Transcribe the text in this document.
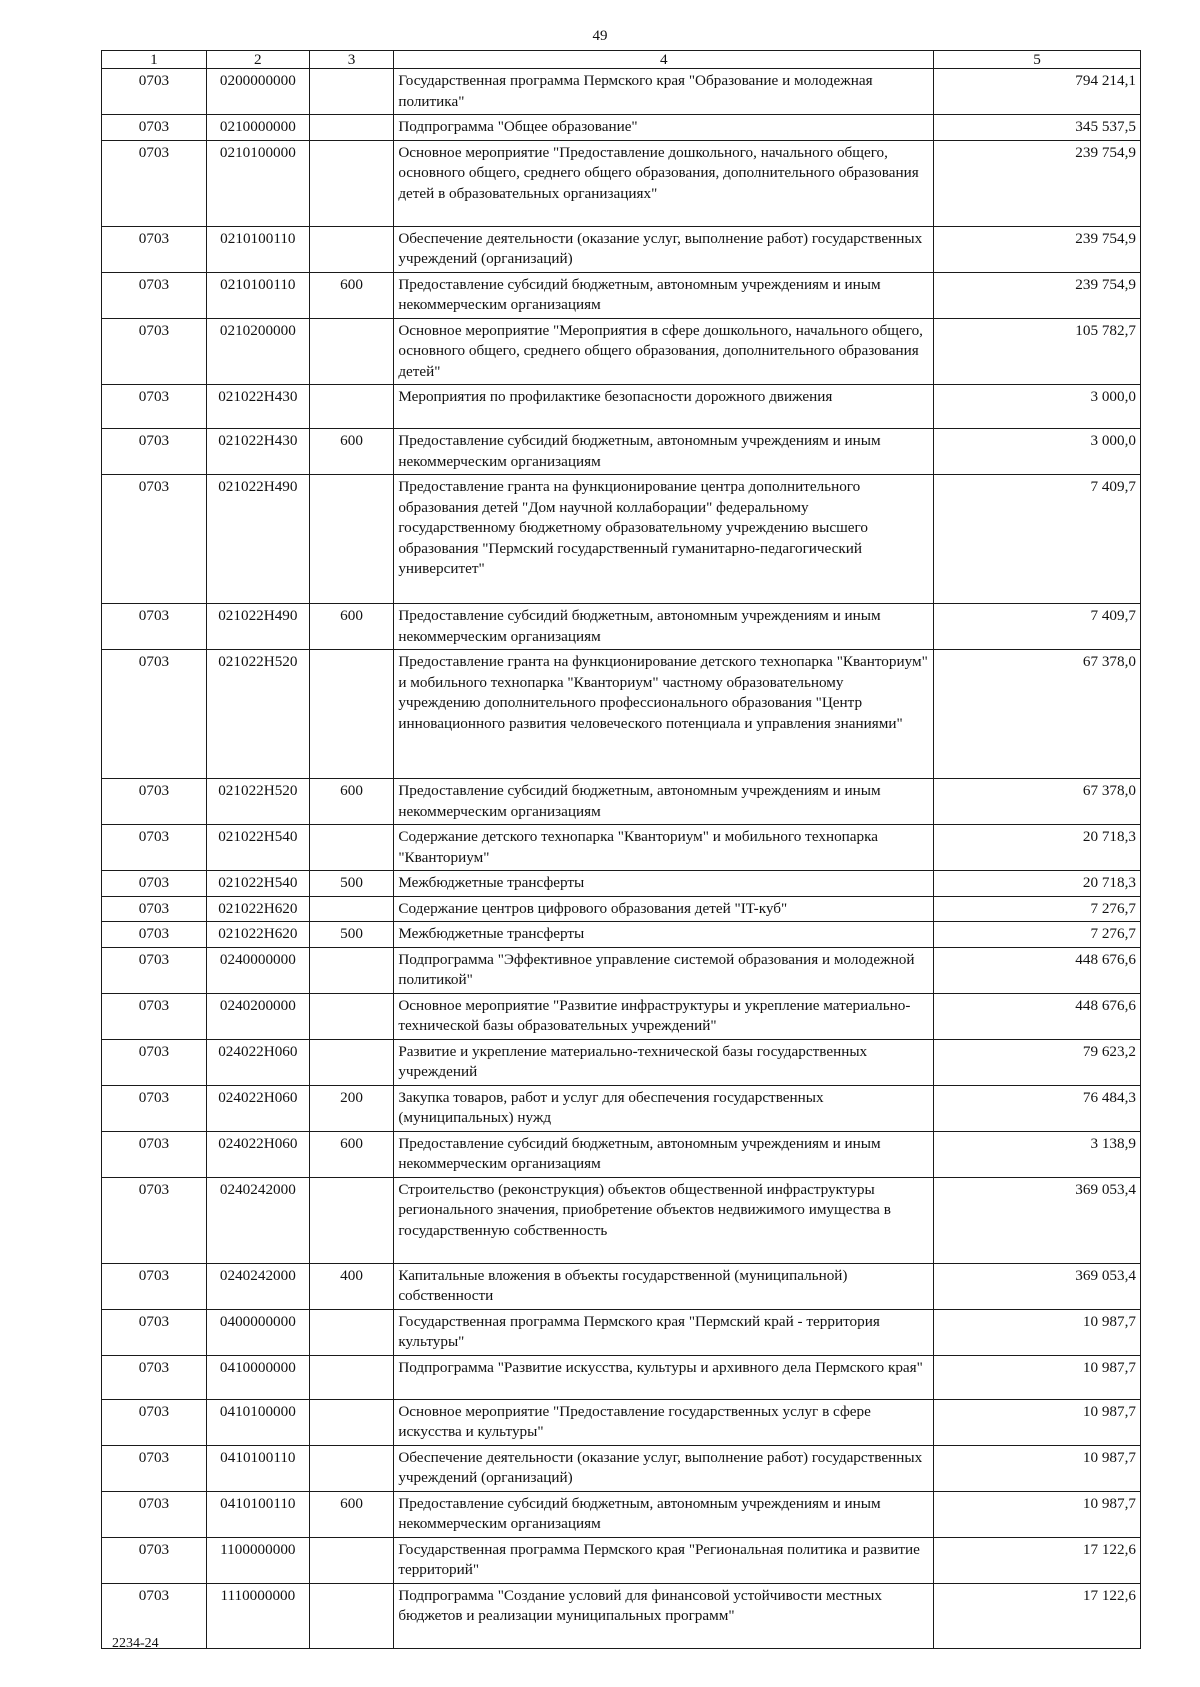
49
1	2	3	4	5
0703	0200000000		Государственная программа Пермского края "Образование и молодежная политика"	794 214,1
0703	0210000000		Подпрограмма "Общее образование"	345 537,5
0703	0210100000		Основное мероприятие "Предоставление дошкольного, начального общего, основного общего, среднего общего образования, дополнительного образования детей в образовательных организациях"	239 754,9
0703	0210100110		Обеспечение деятельности (оказание услуг, выполнение работ) государственных учреждений (организаций)	239 754,9
0703	0210100110	600	Предоставление субсидий бюджетным, автономным учреждениям и иным некоммерческим организациям	239 754,9
0703	0210200000		Основное мероприятие "Мероприятия в сфере дошкольного, начального общего, основного общего, среднего общего образования, дополнительного образования детей"	105 782,7
0703	021022Н430		Мероприятия по профилактике безопасности дорожного движения	3 000,0
0703	021022Н430	600	Предоставление субсидий бюджетным, автономным учреждениям и иным некоммерческим организациям	3 000,0
0703	021022Н490		Предоставление гранта на функционирование центра дополнительного образования детей "Дом научной коллаборации" федеральному государственному бюджетному образовательному учреждению высшего образования "Пермский государственный гуманитарно-педагогический университет"	7 409,7
0703	021022Н490	600	Предоставление субсидий бюджетным, автономным учреждениям и иным некоммерческим организациям	7 409,7
0703	021022Н520		Предоставление гранта на функционирование детского технопарка "Кванториум" и мобильного технопарка "Кванториум" частному образовательному учреждению дополнительного профессионального образования "Центр инновационного развития человеческого потенциала и управления знаниями"	67 378,0
0703	021022Н520	600	Предоставление субсидий бюджетным, автономным учреждениям и иным некоммерческим организациям	67 378,0
0703	021022Н540		Содержание детского технопарка "Кванториум" и мобильного технопарка "Кванториум"	20 718,3
0703	021022Н540	500	Межбюджетные трансферты	20 718,3
0703	021022Н620		Содержание центров цифрового образования детей "IT-куб"	7 276,7
0703	021022Н620	500	Межбюджетные трансферты	7 276,7
0703	0240000000		Подпрограмма "Эффективное управление системой образования и молодежной политикой"	448 676,6
0703	0240200000		Основное мероприятие "Развитие инфраструктуры и укрепление материально-технической базы образовательных учреждений"	448 676,6
0703	024022Н060		Развитие и укрепление материально-технической базы государственных учреждений	79 623,2
0703	024022Н060	200	Закупка товаров, работ и услуг для обеспечения государственных (муниципальных) нужд	76 484,3
0703	024022Н060	600	Предоставление субсидий бюджетным, автономным учреждениям и иным некоммерческим организациям	3 138,9
0703	0240242000		Строительство (реконструкция) объектов общественной инфраструктуры регионального значения, приобретение объектов недвижимого имущества в государственную собственность	369 053,4
0703	0240242000	400	Капитальные вложения в объекты государственной (муниципальной) собственности	369 053,4
0703	0400000000		Государственная программа Пермского края "Пермский край - территория культуры"	10 987,7
0703	0410000000		Подпрограмма "Развитие искусства, культуры и архивного дела Пермского края"	10 987,7
0703	0410100000		Основное мероприятие "Предоставление государственных услуг в сфере искусства и культуры"	10 987,7
0703	0410100110		Обеспечение деятельности (оказание услуг, выполнение работ) государственных учреждений (организаций)	10 987,7
0703	0410100110	600	Предоставление субсидий бюджетным, автономным учреждениям и иным некоммерческим организациям	10 987,7
0703	1100000000		Государственная программа Пермского края "Региональная политика и развитие территорий"	17 122,6
0703	1110000000		Подпрограмма "Создание условий для финансовой устойчивости местных бюджетов и реализации муниципальных программ"	17 122,6
2234-24
